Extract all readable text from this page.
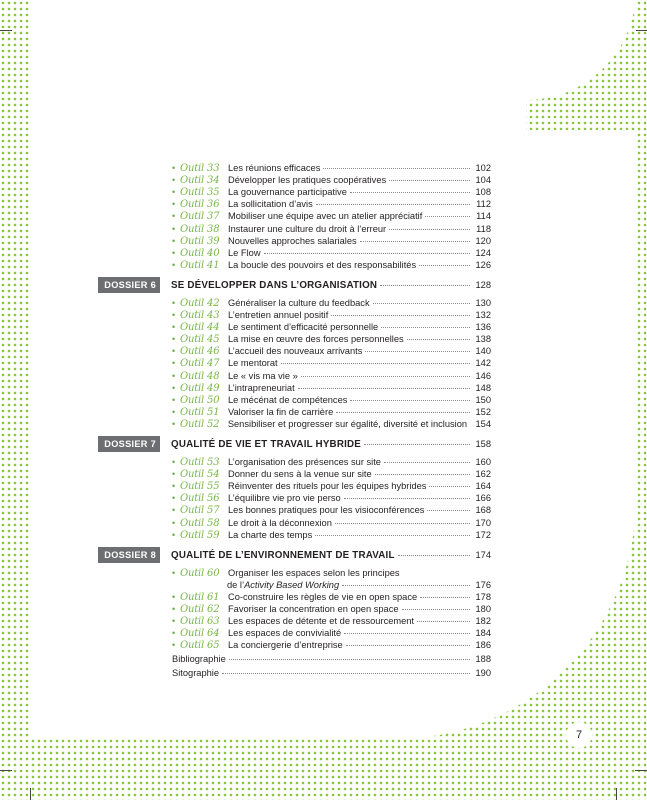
• Outil 33 Les réunions efficaces	102
• Outil 34 Développer les pratiques coopératives	104
• Outil 35 La gouvernance participative	108
• Outil 36 La sollicitation d’avis	112
• Outil 37 Mobiliser une équipe avec un atelier appréciatif	114
• Outil 38 Instaurer une culture du droit à l’erreur	118
• Outil 39 Nouvelles approches salariales	120
• Outil 40 Le Flow	124
• Outil 41 La boucle des pouvoirs et des responsabilités	126
DOSSIER 6	SE DÉVELOPPER DANS L’ORGANISATION	128
• Outil 42 Généraliser la culture du feedback	130
• Outil 43 L’entretien annuel positif	132
• Outil 44 Le sentiment d’efficacité personnelle	136
• Outil 45 La mise en œuvre des forces personnelles	138
• Outil 46 L’accueil des nouveaux arrivants	140
• Outil 47 Le mentorat	142
• Outil 48 Le « vis ma vie »	146
• Outil 49 L’intrapreneuriat	148
• Outil 50 Le mécénat de compétences	150
• Outil 51 Valoriser la fin de carrière	152
• Outil 52 Sensibiliser et progresser sur égalité, diversité et inclusion 154
DOSSIER 7	QUALITÉ DE VIE ET TRAVAIL HYBRIDE	158
• Outil 53 L’organisation des présences sur site	160
• Outil 54 Donner du sens à la venue sur site	162
• Outil 55 Réinventer des rituels pour les équipes hybrides	164
• Outil 56 L’équilibre vie pro vie perso	166
• Outil 57 Les bonnes pratiques pour les visioconférences	168
• Outil 58 Le droit à la déconnexion	170
• Outil 59 La charte des temps	172
DOSSIER 8	QUALITÉ DE L’ENVIRONNEMENT DE TRAVAIL	174
• Outil 60 Organiser les espaces selon les principes
de l’Activity Based Working	176
• Outil 61 Co-construire les règles de vie en open space	178
• Outil 62 Favoriser la concentration en open space	180
• Outil 63 Les espaces de détente et de ressourcement	182
• Outil 64 Les espaces de convivialité	184
• Outil 65 La conciergerie d’entreprise	186
Bibliographie	188
Sitographie	190
7
